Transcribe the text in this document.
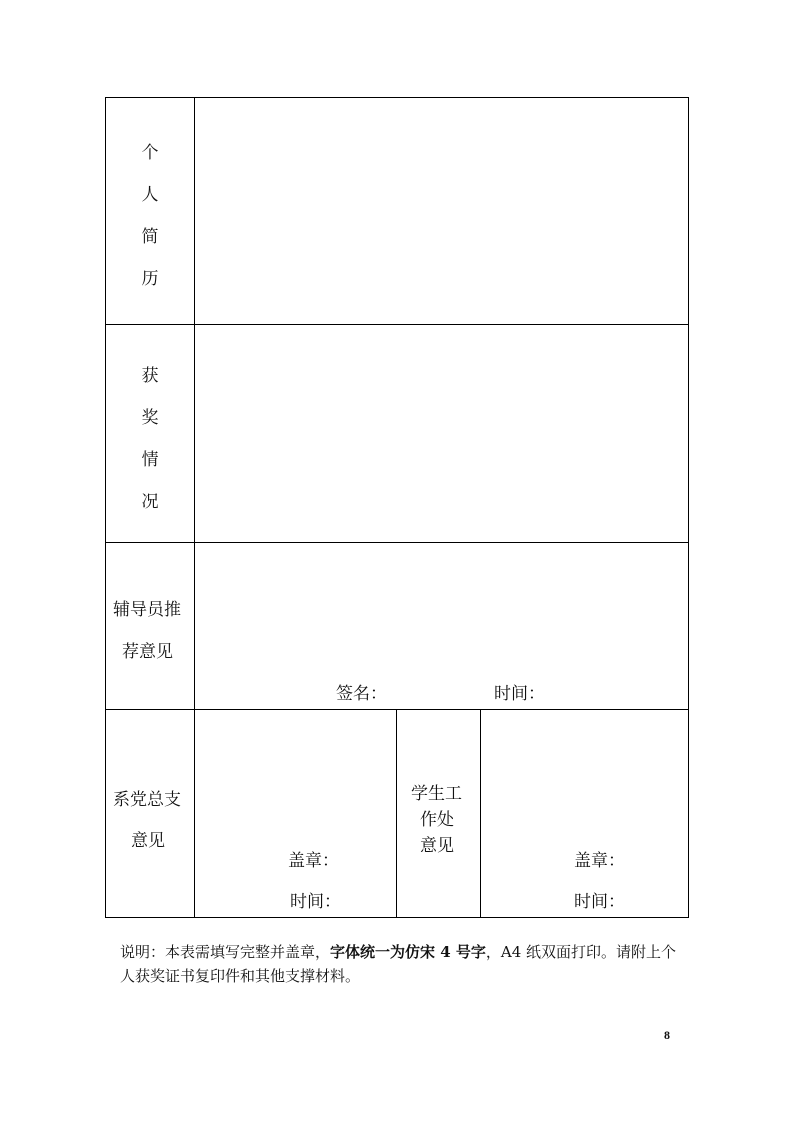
个
人
简
历
获
奖
情
况
辅导员推
荐意见
签名：	时间：
系党总支
意见
盖章：
时间：
学生工
作处
意见
盖章：
时间：
说明：本表需填写完整并盖章，字体统一为仿宋 4 号字，A4 纸双面打印。请附上个人获奖证书复印件和其他支撑材料。
8
